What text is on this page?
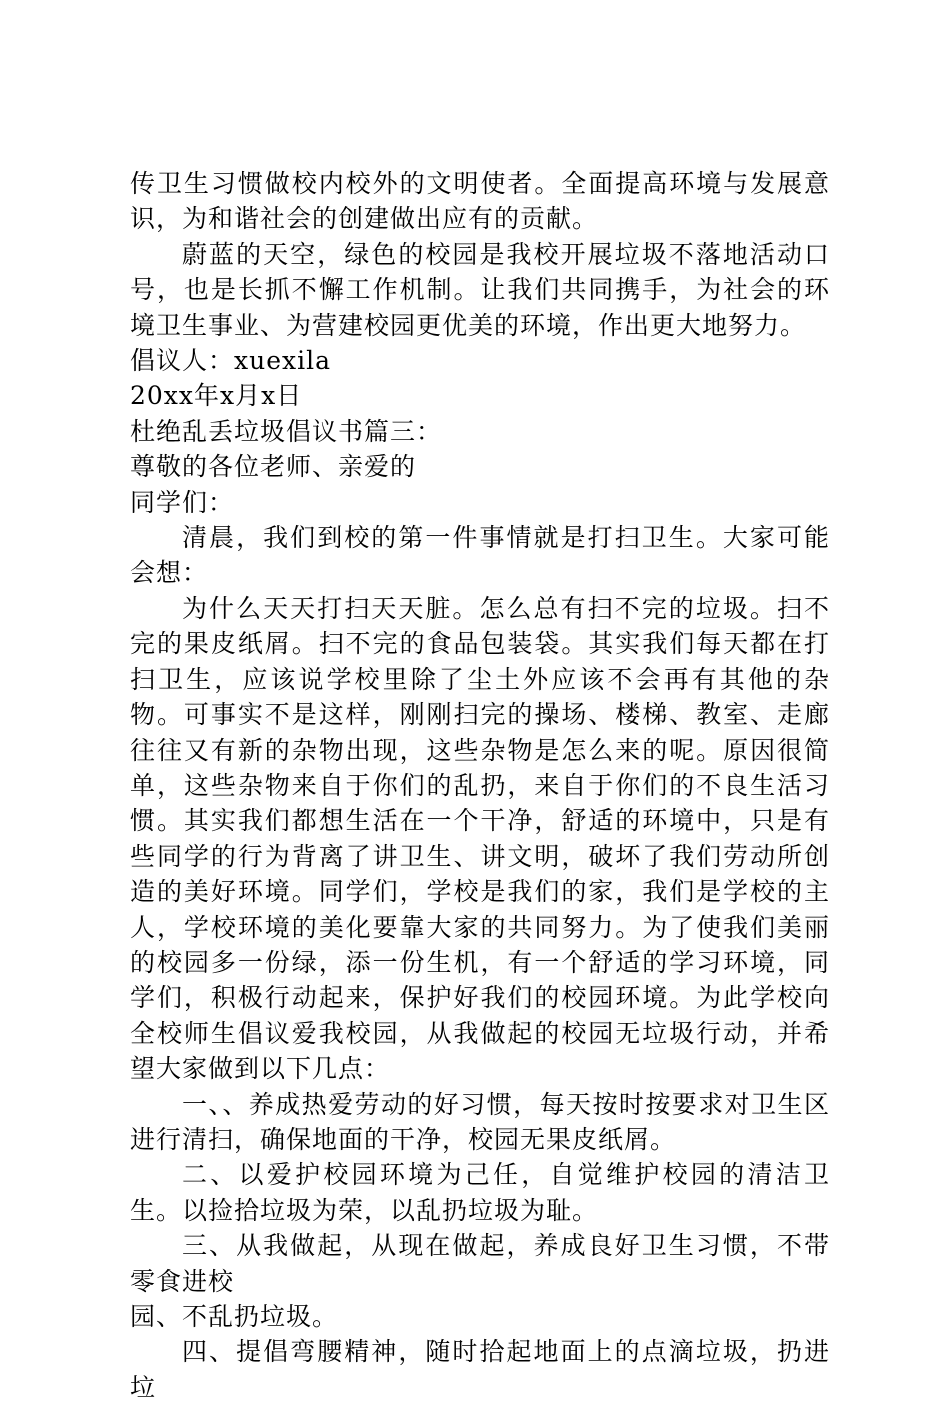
传卫生习惯做校内校外的文明使者。全面提高环境与发展意识，为和谐社会的创建做出应有的贡献。

蔚蓝的天空，绿色的校园是我校开展垃圾不落地活动口号，也是长抓不懈工作机制。让我们共同携手，为社会的环境卫生事业、为营建校园更优美的环境，作出更大地努力。

倡议人：xuexila

20xx年x月x日

杜绝乱丢垃圾倡议书篇三：

尊敬的各位老师、亲爱的

同学们：

清晨，我们到校的第一件事情就是打扫卫生。大家可能会想：

为什么天天打扫天天脏。怎么总有扫不完的垃圾。扫不完的果皮纸屑。扫不完的食品包装袋。其实我们每天都在打扫卫生，应该说学校里除了尘土外应该不会再有其他的杂物。可事实不是这样，刚刚扫完的操场、楼梯、教室、走廊往往又有新的杂物出现，这些杂物是怎么来的呢。原因很简单，这些杂物来自于你们的乱扔，来自于你们的不良生活习惯。其实我们都想生活在一个干净，舒适的环境中，只是有些同学的行为背离了讲卫生、讲文明，破坏了我们劳动所创造的美好环境。同学们，学校是我们的家，我们是学校的主人，学校环境的美化要靠大家的共同努力。为了使我们美丽的校园多一份绿，添一份生机，有一个舒适的学习环境，同学们，积极行动起来，保护好我们的校园环境。为此学校向全校师生倡议爱我校园，从我做起的校园无垃圾行动，并希望大家做到以下几点：

一、、养成热爱劳动的好习惯，每天按时按要求对卫生区进行清扫，确保地面的干净，校园无果皮纸屑。

二、以爱护校园环境为己任，自觉维护校园的清洁卫生。以捡拾垃圾为荣，以乱扔垃圾为耻。

三、从我做起，从现在做起，养成良好卫生习惯，不带零食进校

园、不乱扔垃圾。

四、提倡弯腰精神，随时拾起地面上的点滴垃圾，扔进垃
